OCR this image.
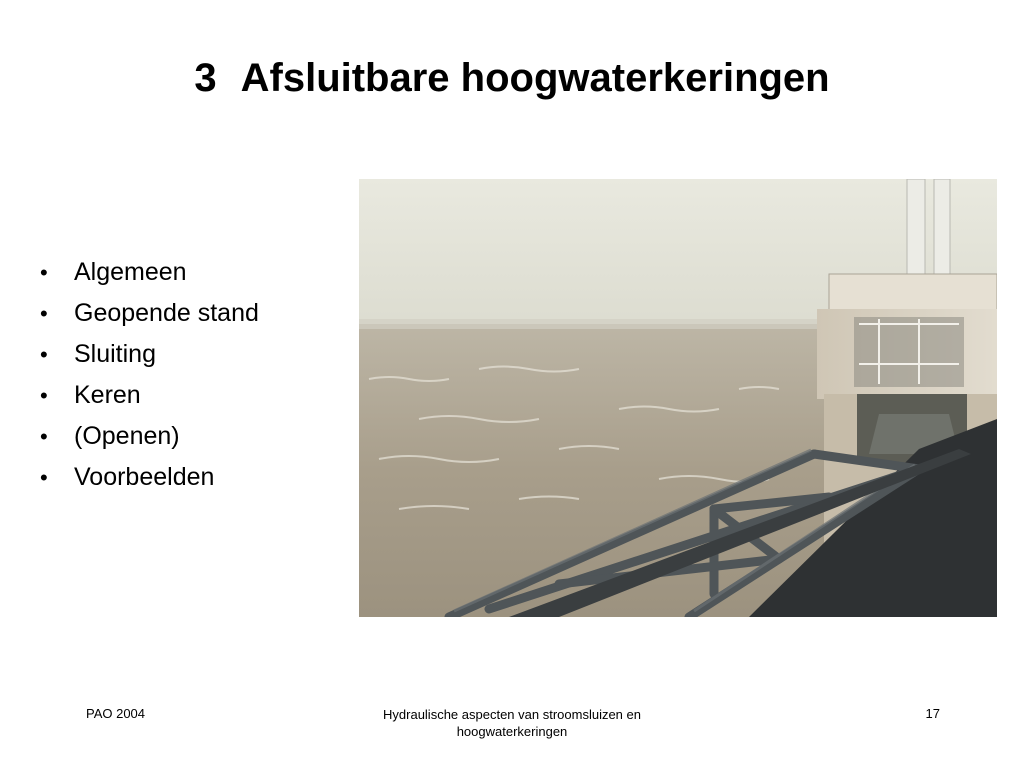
3 Afsluitbare hoogwaterkeringen
• Algemeen
• Geopende stand
• Sluiting
• Keren
• (Openen)
• Voorbeelden
PAO 2004	Hydraulische aspecten van stroomsluizen en
hoogwaterkeringen
17
